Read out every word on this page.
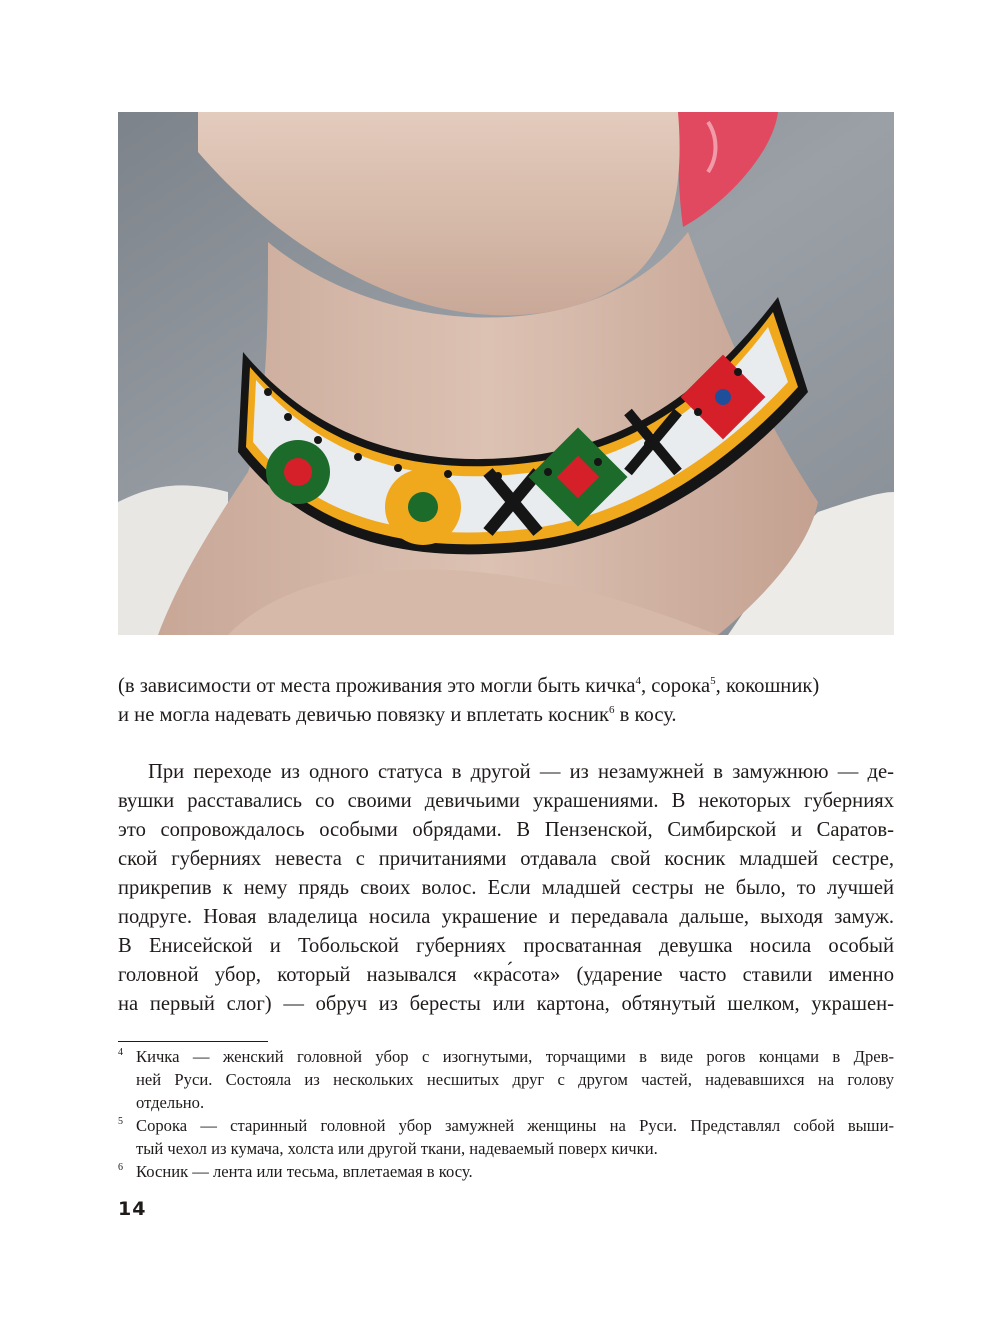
(в зависимости от места проживания это могли быть кичка$^4$, сорока$^5$, кокошник)
и не могла надевать девичью повязку и вплетать косник$^6$ в косу.
При переходе из одного статуса в другой — из незамужней в замужнюю — де-
вушки расставались со своими девичьими украшениями. В некоторых губерниях
это сопровождалось особыми обрядами. В Пензенской, Симбирской и Саратов-
ской губерниях невеста с причитаниями отдавала свой косник младшей сестре,
прикрепив к нему прядь своих волос. Если младшей сестры не было, то лучшей
подруге. Новая владелица носила украшение и передавала дальше, выходя замуж.
В Енисейской и Тобольской губерниях просватанная девушка носила особый
головной убор, который назывался «кра́сота» (ударение часто ставили именно
на первый слог) — обруч из бересты или картона, обтянутый шелком, украшен-
4 Кичка — женский головной убор с изогнутыми, торчащими в виде рогов концами в Древ-
ней Руси. Состояла из нескольких несшитых друг с другом частей, надевавшихся на голову
отдельно.
5 Сорока — старинный головной убор замужней женщины на Руси. Представлял собой выши-
тый чехол из кумача, холста или другой ткани, надеваемый поверх кички.
6 Косник — лента или тесьма, вплетаемая в косу.
14
